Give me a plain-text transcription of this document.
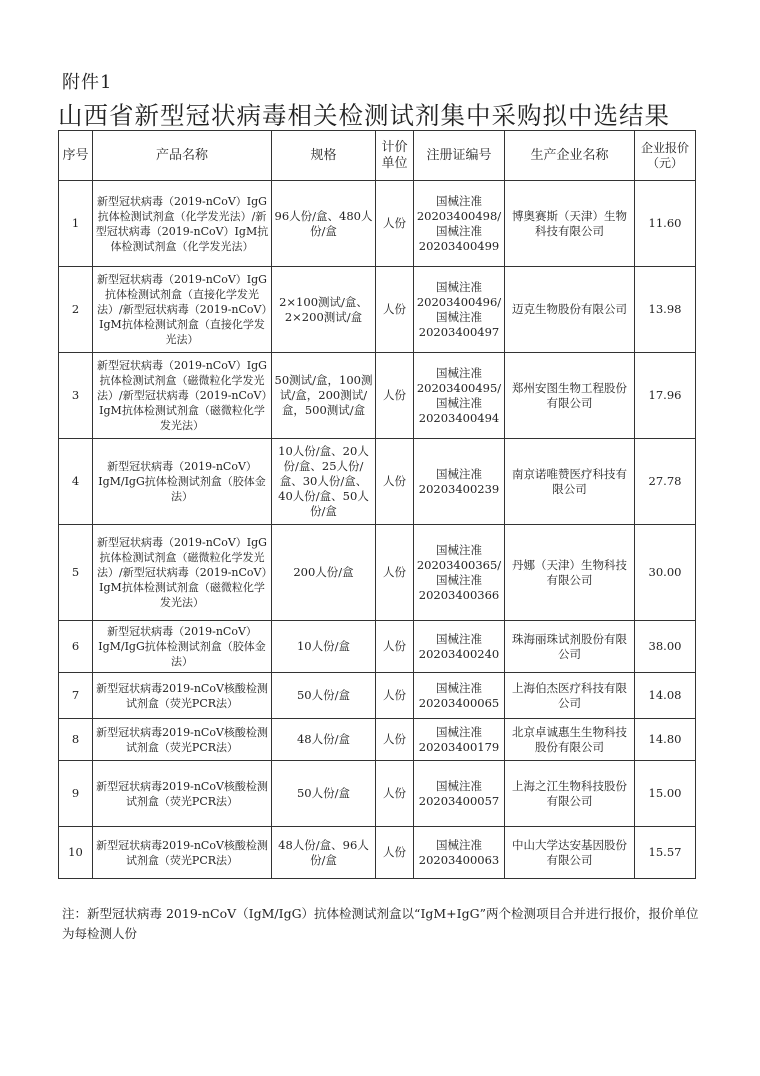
附件1
山西省新型冠状病毒相关检测试剂集中采购拟中选结果
序号	产品名称	规格	计价单位	注册证编号	生产企业名称	企业报价（元）
1	新型冠状病毒（2019-nCoV）IgG抗体检测试剂盒（化学发光法）/新型冠状病毒（2019-nCoV）IgM抗体检测试剂盒（化学发光法）	96人份/盒、480人份/盒	人份	国械注准20203400498/国械注准20203400499	博奥赛斯（天津）生物科技有限公司	11.60
2	新型冠状病毒（2019-nCoV）IgG抗体检测试剂盒（直接化学发光法）/新型冠状病毒（2019-nCoV）IgM抗体检测试剂盒（直接化学发光法）	2×100测试/盒、2×200测试/盒	人份	国械注准20203400496/国械注准20203400497	迈克生物股份有限公司	13.98
3	新型冠状病毒（2019-nCoV）IgG抗体检测试剂盒（磁微粒化学发光法）/新型冠状病毒（2019-nCoV）IgM抗体检测试剂盒（磁微粒化学发光法）	50测试/盒，100测试/盒，200测试/盒，500测试/盒	人份	国械注准20203400495/国械注准20203400494	郑州安图生物工程股份有限公司	17.96
4	新型冠状病毒（2019-nCoV）IgM/IgG抗体检测试剂盒（胶体金法）	10人份/盒、20人份/盒、25人份/盒、30人份/盒、40人份/盒、50人份/盒	人份	国械注准20203400239	南京诺唯赞医疗科技有限公司	27.78
5	新型冠状病毒（2019-nCoV）IgG抗体检测试剂盒（磁微粒化学发光法）/新型冠状病毒（2019-nCoV）IgM抗体检测试剂盒（磁微粒化学发光法）	200人份/盒	人份	国械注准20203400365/国械注准20203400366	丹娜（天津）生物科技有限公司	30.00
6	新型冠状病毒（2019-nCoV）IgM/IgG抗体检测试剂盒（胶体金法）	10人份/盒	人份	国械注准20203400240	珠海丽珠试剂股份有限公司	38.00
7	新型冠状病毒2019-nCoV核酸检测试剂盒（荧光PCR法）	50人份/盒	人份	国械注准20203400065	上海伯杰医疗科技有限公司	14.08
8	新型冠状病毒2019-nCoV核酸检测试剂盒（荧光PCR法）	48人份/盒	人份	国械注准20203400179	北京卓诚惠生生物科技股份有限公司	14.80
9	新型冠状病毒2019-nCoV核酸检测试剂盒（荧光PCR法）	50人份/盒	人份	国械注准20203400057	上海之江生物科技股份有限公司	15.00
10	新型冠状病毒2019-nCoV核酸检测试剂盒（荧光PCR法）	48人份/盒、96人份/盒	人份	国械注准20203400063	中山大学达安基因股份有限公司	15.57
注：新型冠状病毒 2019-nCoV（IgM/IgG）抗体检测试剂盒以“IgM+IgG”两个检测项目合并进行报价，报价单位为每检测人份
